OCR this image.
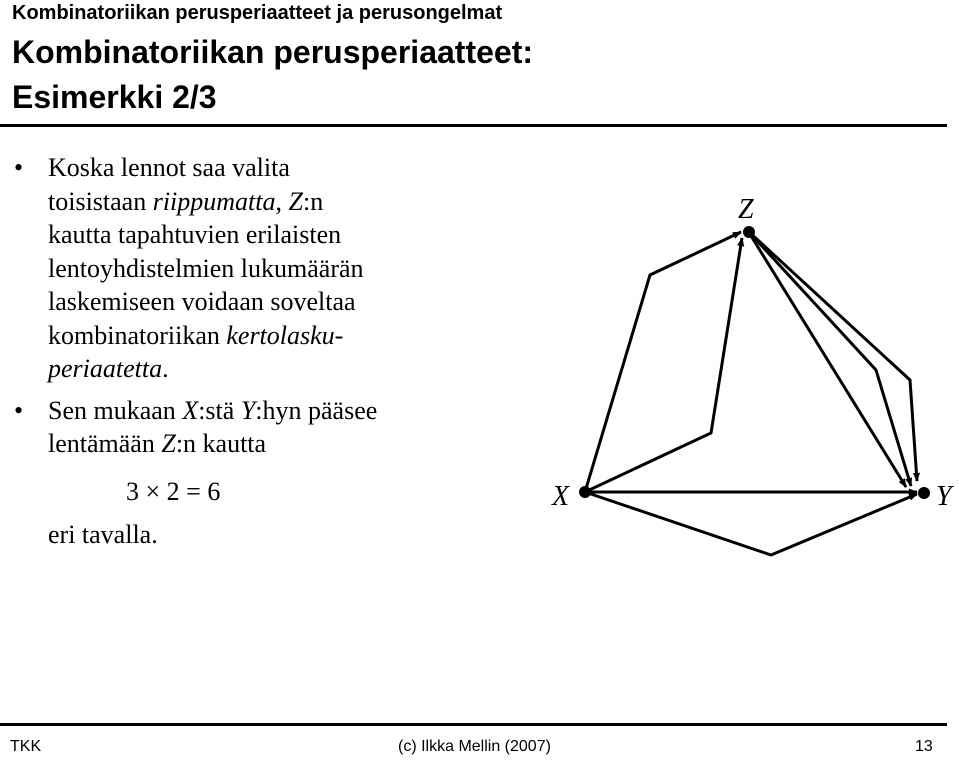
Kombinatoriikan perusperiaatteet ja perusongelmat
Kombinatoriikan perusperiaatteet:
Esimerkki 2/3
• Koska lennot saa valita
toisistaan riippumatta, Z:n
kautta tapahtuvien erilaisten
lentoyhdistelmien lukumäärän
laskemiseen voidaan soveltaa
kombinatoriikan kertolasku-
periaatetta.
• Sen mukaan X:stä Y:hyn pääsee
lentämään Z:n kautta
3 × 2 = 6
eri tavalla.
Z
X	Y
TKK	(c) Ilkka Mellin (2007)	13
